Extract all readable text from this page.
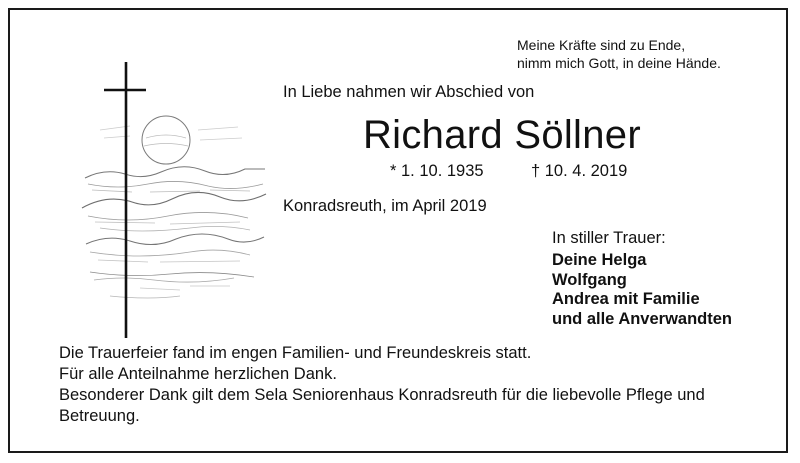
Meine Kräfte sind zu Ende,
nimm mich Gott, in deine Hände.
In Liebe nahmen wir Abschied von
Richard Söllner
* 1. 10. 1935	† 10. 4. 2019
Konradsreuth, im April 2019
In stiller Trauer:
Deine Helga
Wolfgang
Andrea mit Familie
und alle Anverwandten
Die Trauerfeier fand im engen Familien- und Freundeskreis statt.
Für alle Anteilnahme herzlichen Dank.
Besonderer Dank gilt dem Sela Seniorenhaus Konradsreuth für die liebevolle Pflege und Betreuung.
